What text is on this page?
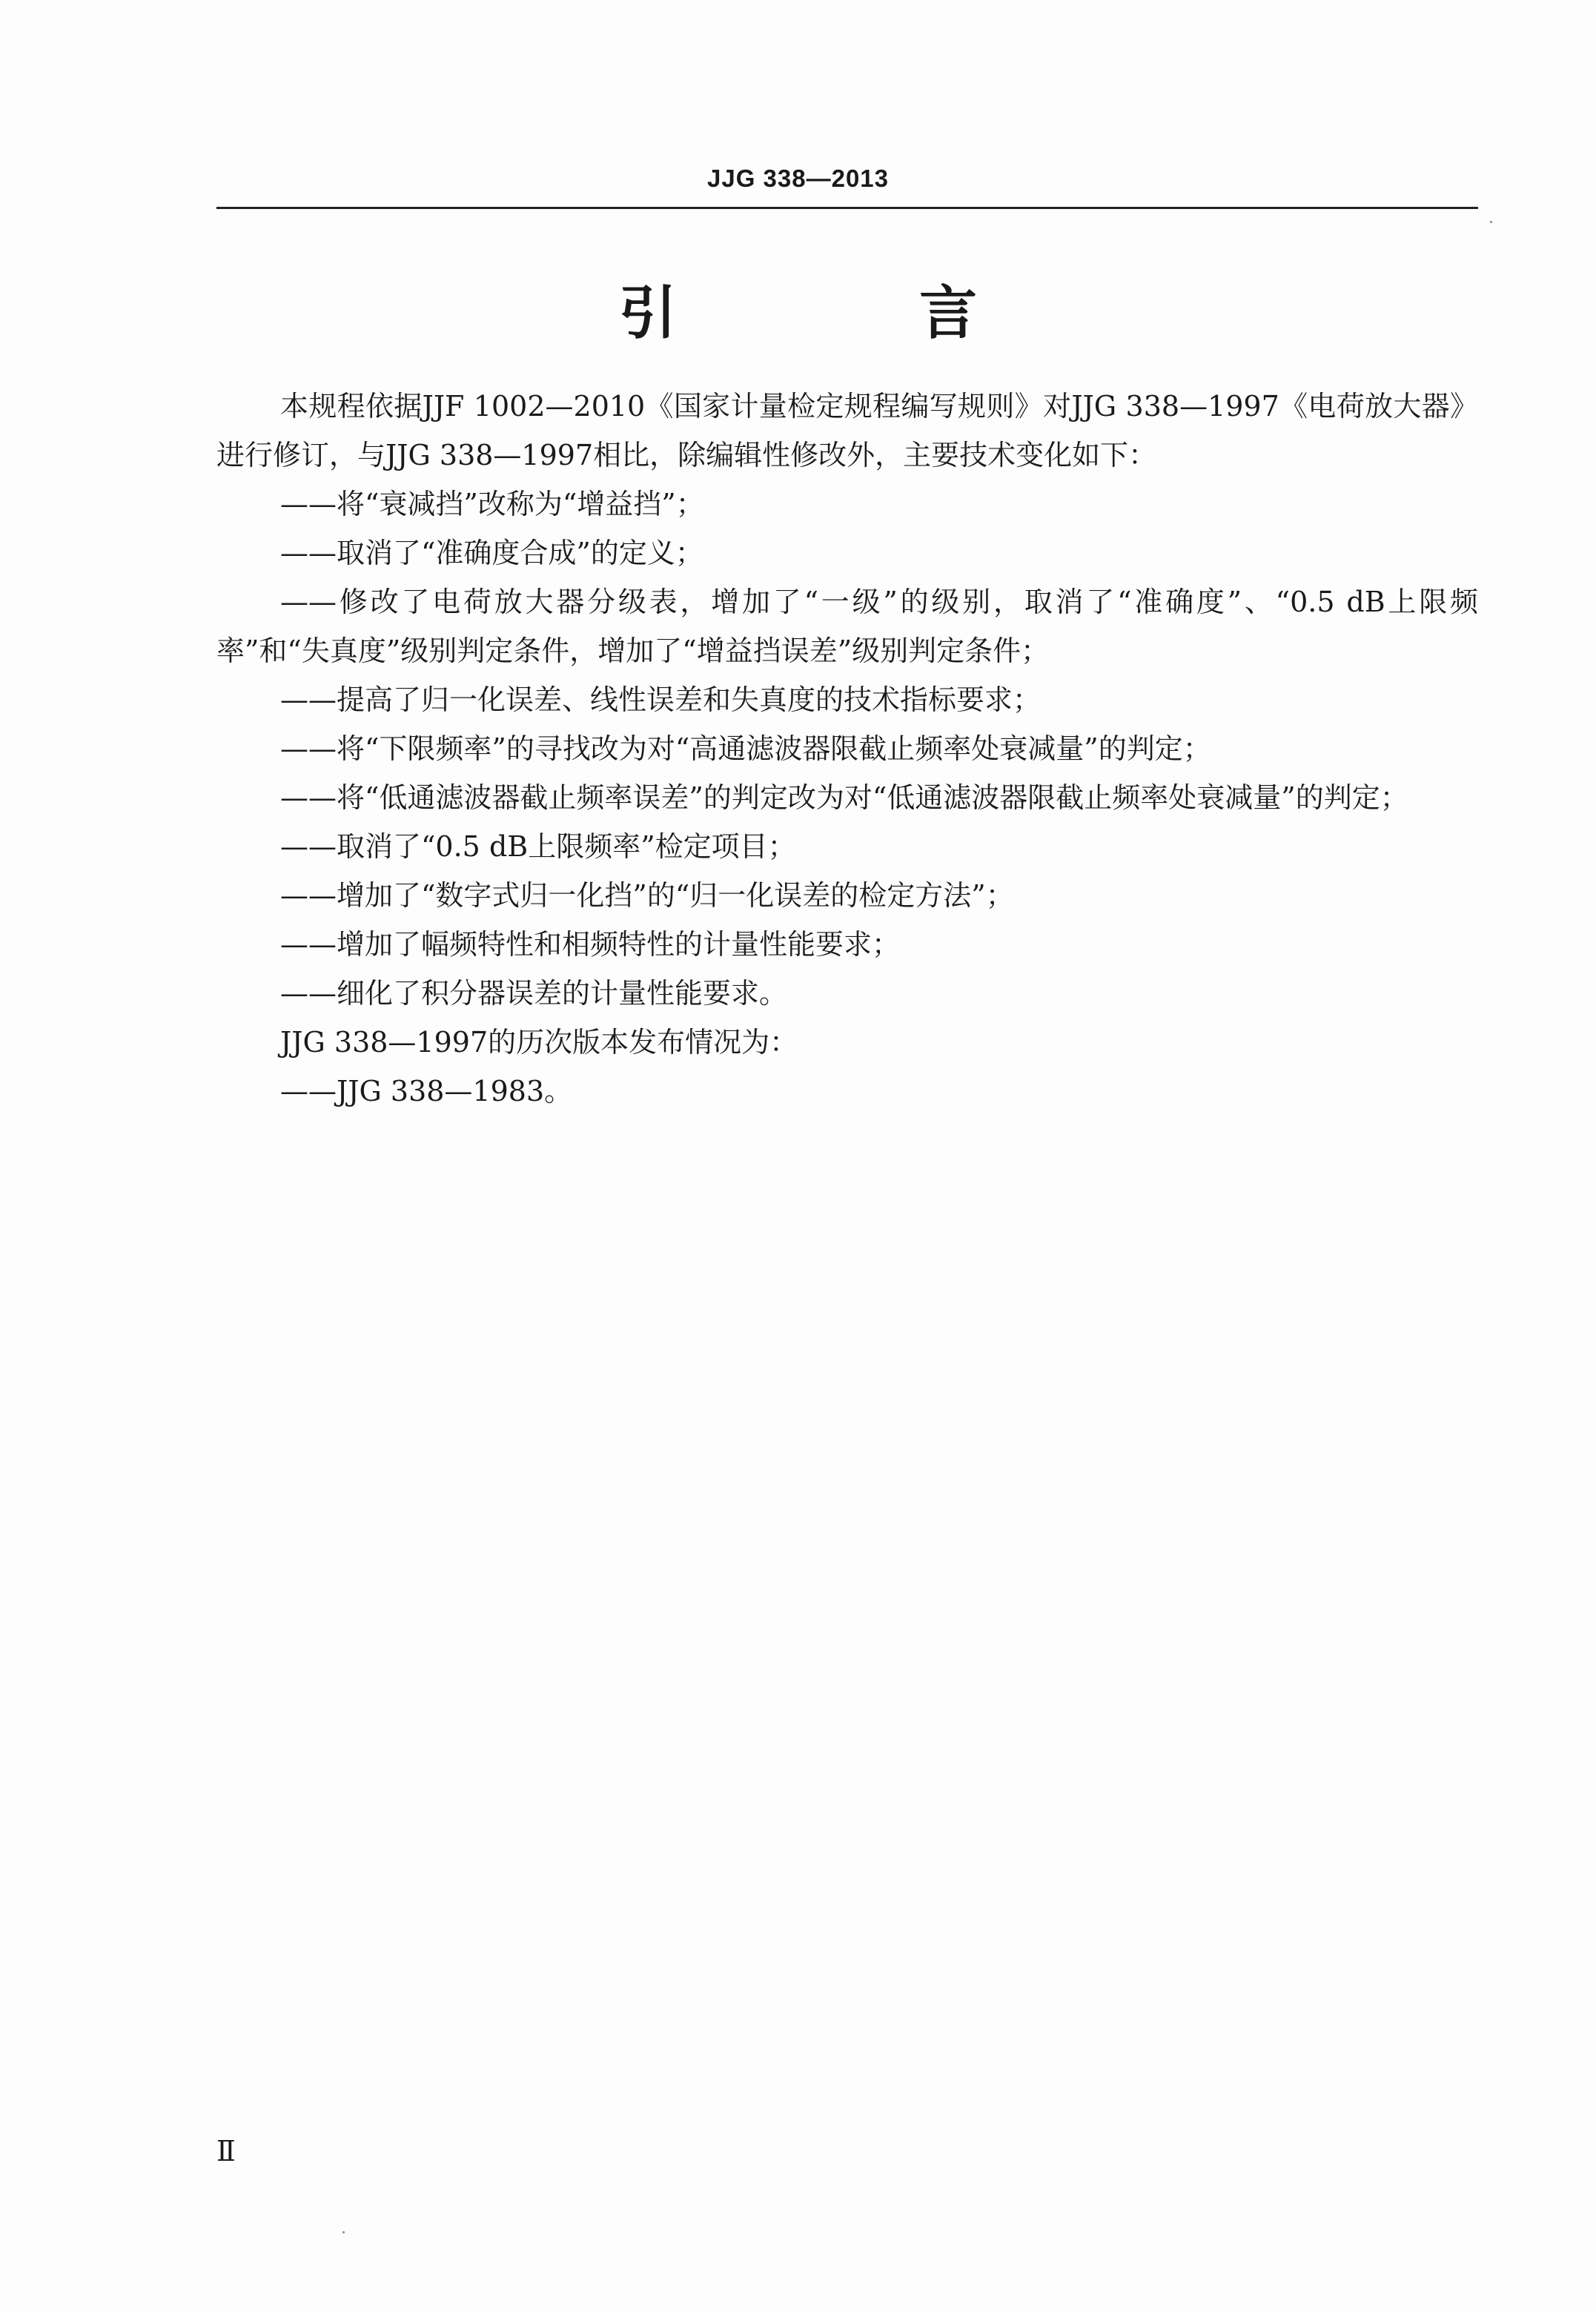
JJG 338—2013
引 言

本规程依据JJF 1002—2010《国家计量检定规程编写规则》对JJG 338—1997《电荷放大器》进行修订，与JJG 338—1997相比，除编辑性修改外，主要技术变化如下：

——将“衰减挡”改称为“增益挡”；

——取消了“准确度合成”的定义；

——修改了电荷放大器分级表，增加了“一级”的级别，取消了“准确度”、“0.5 dB上限频率”和“失真度”级别判定条件，增加了“增益挡误差”级别判定条件；

——提高了归一化误差、线性误差和失真度的技术指标要求；

——将“下限频率”的寻找改为对“高通滤波器限截止频率处衰减量”的判定；

——将“低通滤波器截止频率误差”的判定改为对“低通滤波器限截止频率处衰减量”的判定；

——取消了“0.5 dB上限频率”检定项目；

——增加了“数字式归一化挡”的“归一化误差的检定方法”；

——增加了幅频特性和相频特性的计量性能要求；

——细化了积分器误差的计量性能要求。

JJG 338—1997的历次版本发布情况为：

——JJG 338—1983。

Ⅱ
